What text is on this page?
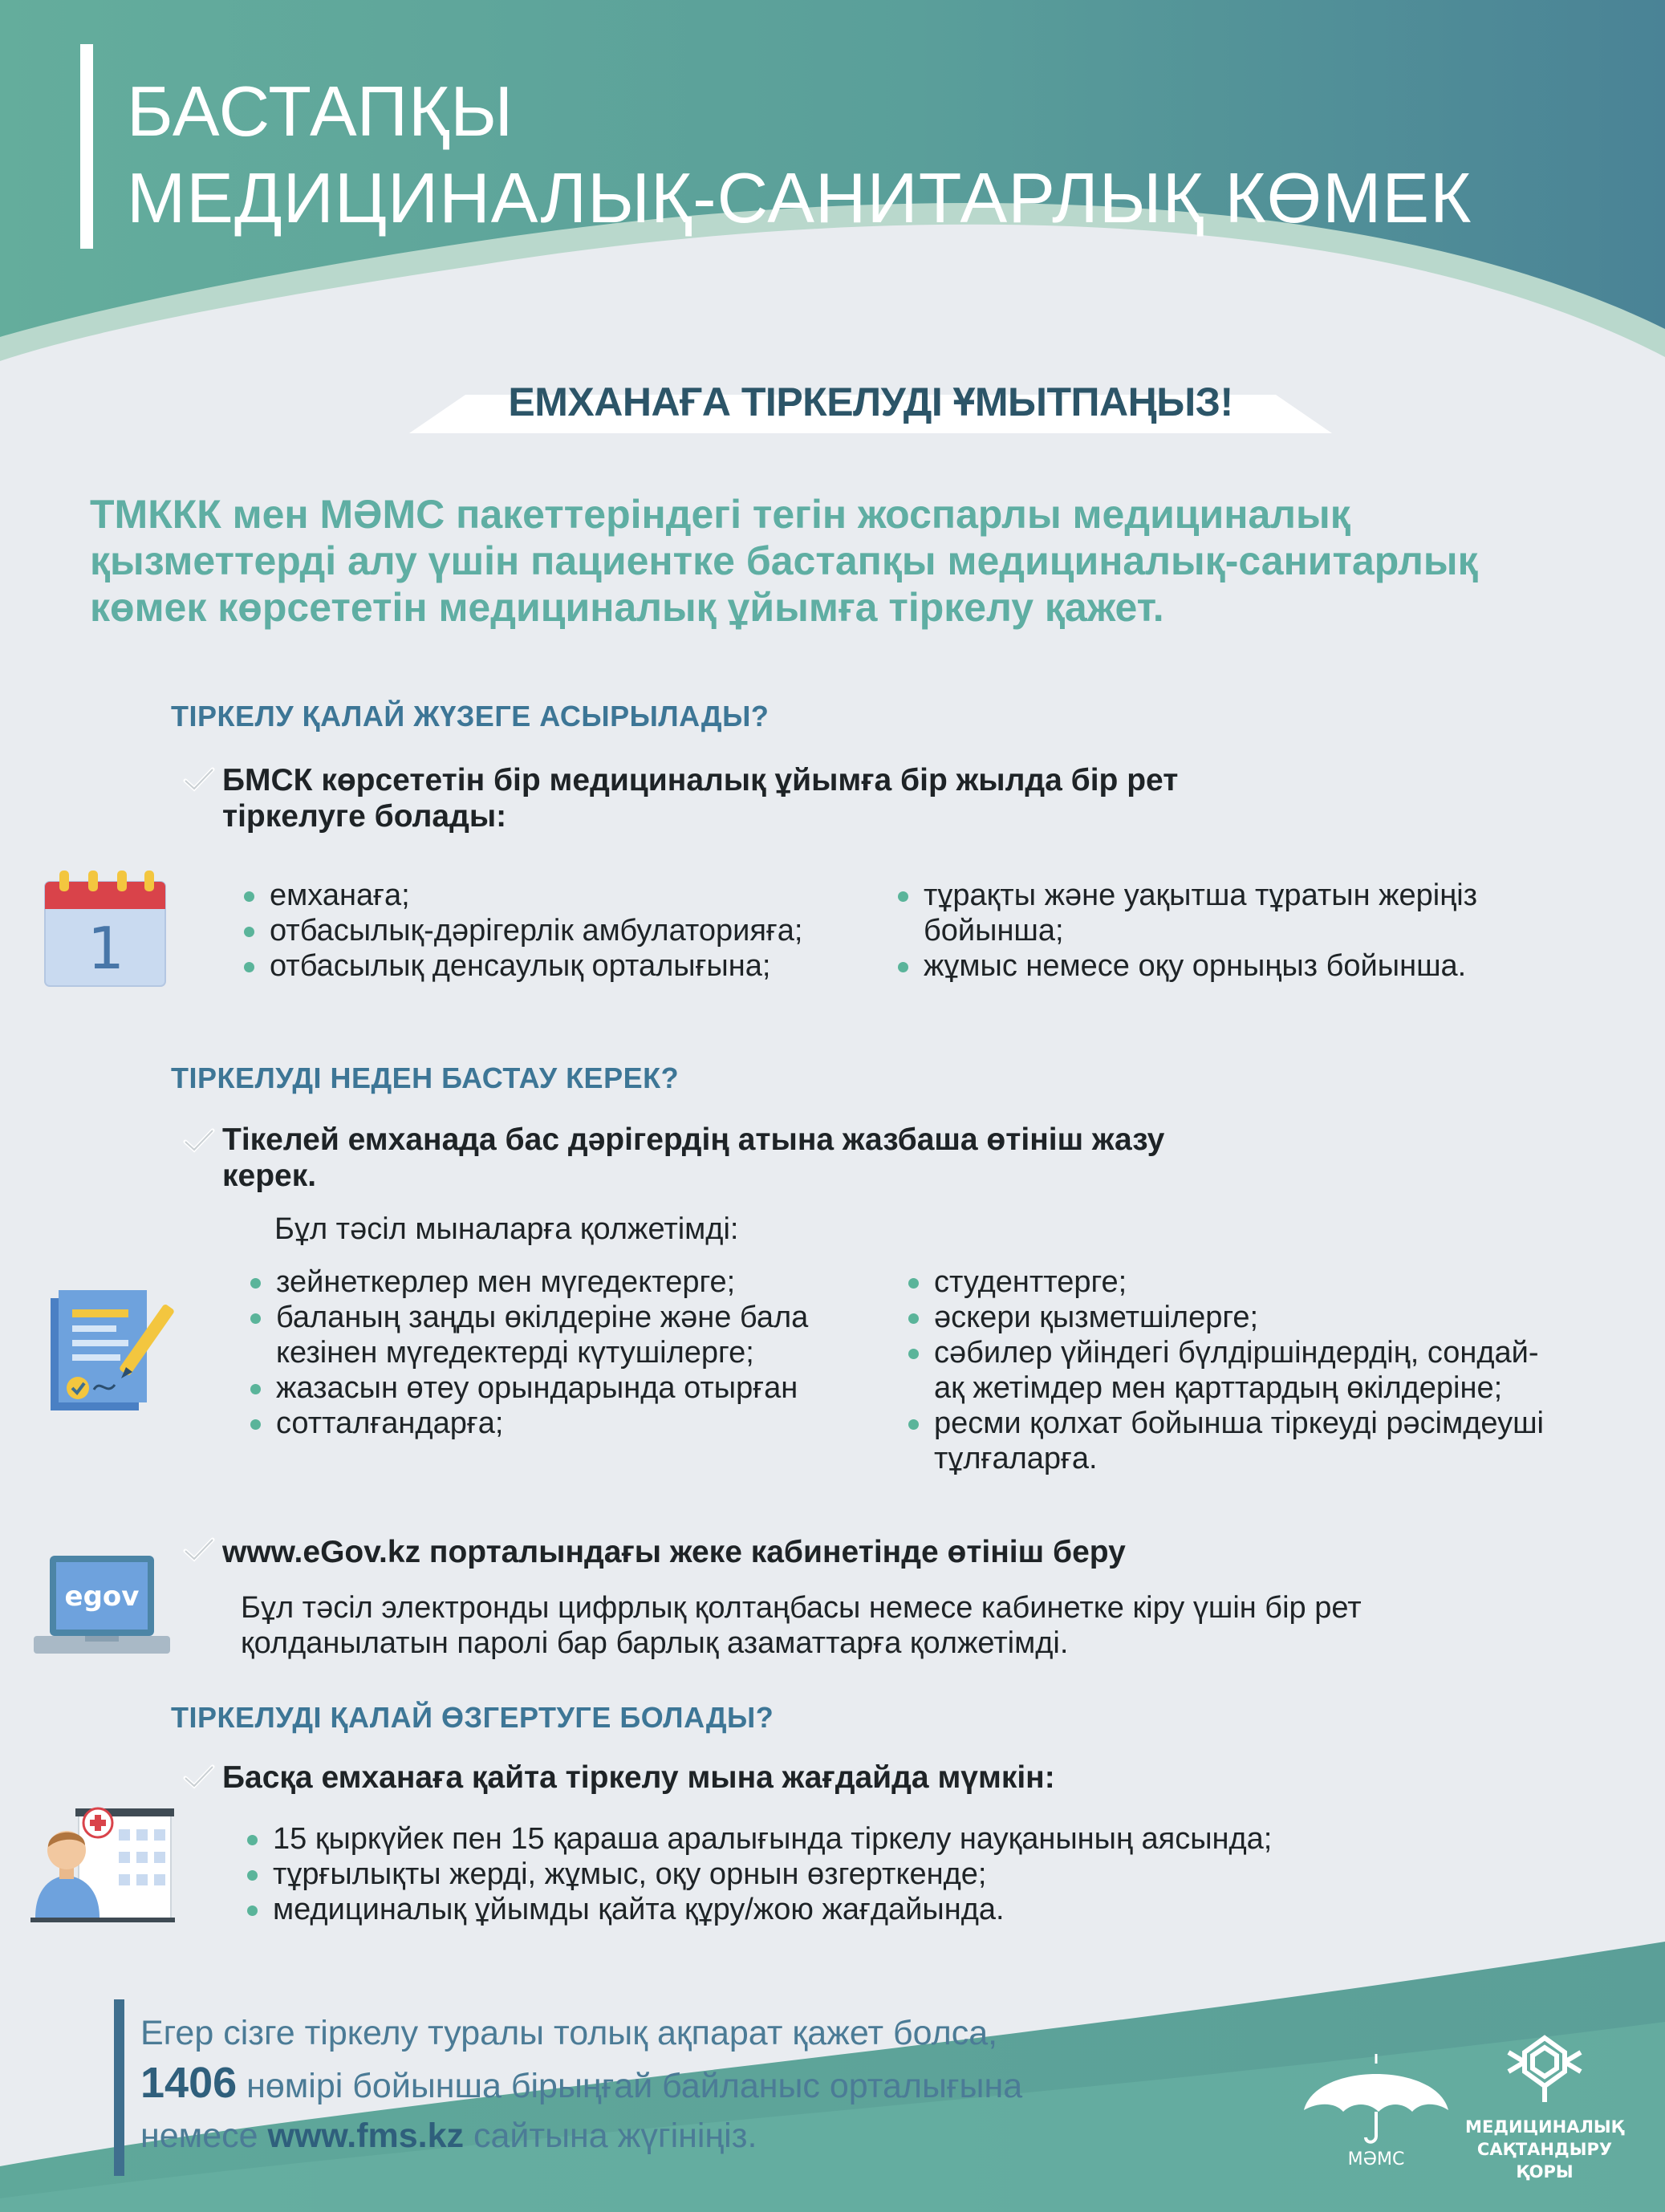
БАСТАПҚЫ
МЕДИЦИНАЛЫҚ-САНИТАРЛЫҚ КӨМЕК
ЕМХАНАҒА ТІРКЕЛУДІ ҰМЫТПАҢЫЗ!
ТМККК мен МӘМС пакеттеріндегі тегін жоспарлы медициналық
қызметтерді алу үшін пациентке бастапқы медициналық-санитарлық
көмек көрсететін медициналық ұйымға тіркелу қажет.
ТІРКЕЛУ ҚАЛАЙ ЖҮЗЕГЕ АСЫРЫЛАДЫ?
БМСК көрсететін бір медициналық ұйымға бір жылда бір рет
тіркелуге болады:
1
емханаға;
отбасылық-дәрігерлік амбулаторияға;
отбасылық денсаулық орталығына;
тұрақты және уақытша тұратын жеріңіз бойынша;
жұмыс немесе оқу орныңыз бойынша.
ТІРКЕЛУДІ НЕДЕН БАСТАУ КЕРЕК?
Тікелей емханада бас дәрігердің атына жазбаша өтініш жазу
керек.
Бұл тәсіл мыналарға қолжетімді:
зейнеткерлер мен мүгедектерге;
баланың заңды өкілдеріне және бала кезінен мүгедектерді күтушілерге;
жазасын өтеу орындарында отырған
сотталғандарға;
студенттерге;
әскери қызметшілерге;
сәбилер үйіндегі бүлдіршіндердің, сондай-ақ жетімдер мен қарттардың өкілдеріне;
ресми қолхат бойынша тіркеуді рәсімдеуші тұлғаларға.
www.eGov.kz порталындағы жеке кабинетінде өтініш беру
Бұл тәсіл электронды цифрлық қолтаңбасы немесе кабинетке кіру үшін бір рет
қолданылатын паролі бар барлық азаматтарға қолжетімді.
egov
ТІРКЕЛУДІ ҚАЛАЙ ӨЗГЕРТУГЕ БОЛАДЫ?
Басқа емханаға қайта тіркелу мына жағдайда мүмкін:
15 қыркүйек пен 15 қараша аралығында тіркелу науқанының аясында;
тұрғылықты жерді, жұмыс, оқу орнын өзгерткенде;
медициналық ұйымды қайта құру/жою жағдайында.
Егер сізге тіркелу туралы толық ақпарат қажет болса,
1406 нөмірі бойынша бірыңғай байланыс орталығына
немесе www.fms.kz сайтына жүгініңіз.
МӘМС
МЕДИЦИНАЛЫҚ
САҚТАНДЫРУ
ҚОРЫ
